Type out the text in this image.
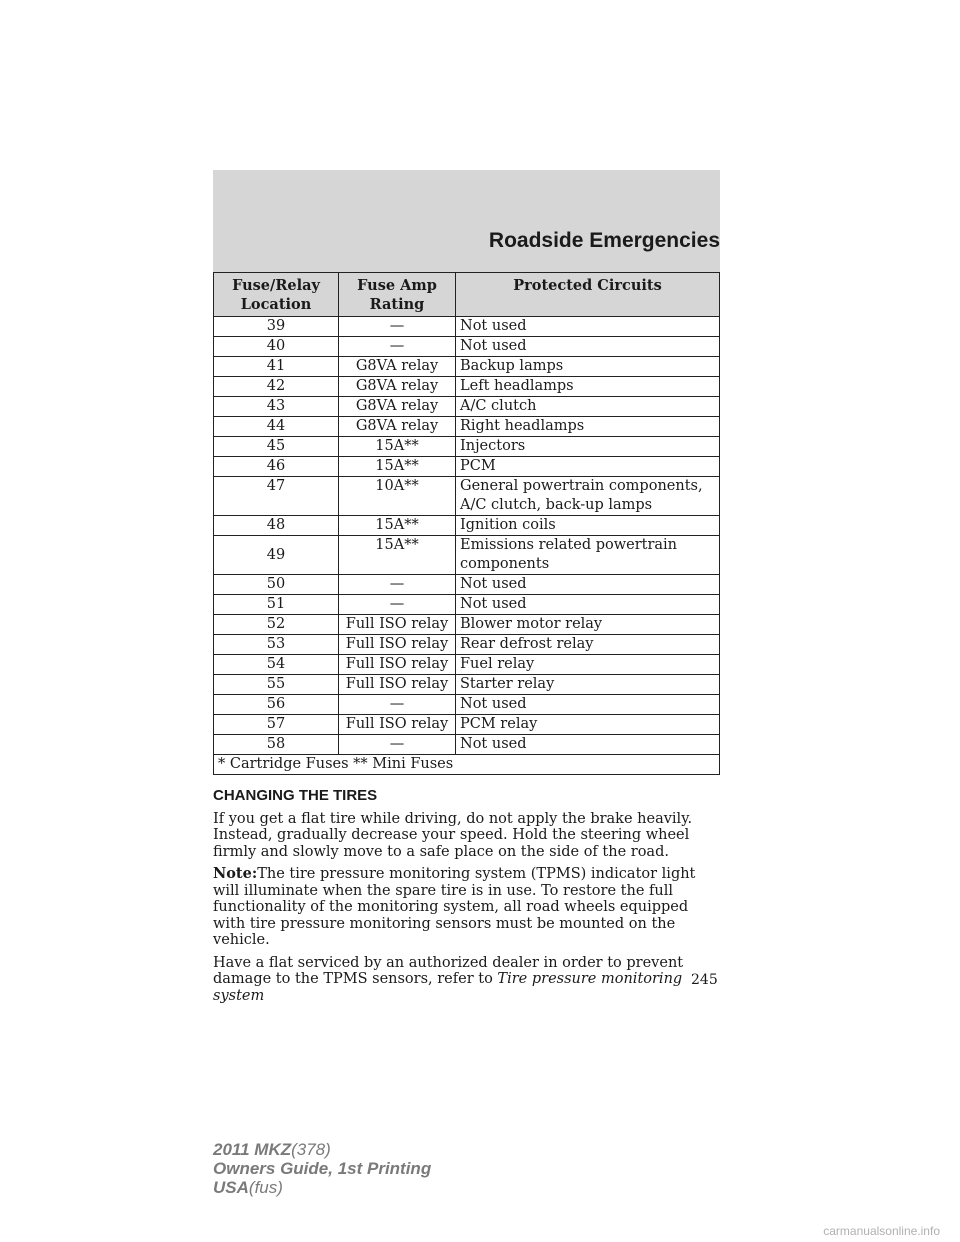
Roadside Emergencies
Fuse/Relay Location	Fuse Amp Rating	Protected Circuits
39	—	Not used

40	—	Not used

41	G8VA relay	Backup lamps

42	G8VA relay	Left headlamps

43	G8VA relay	A/C clutch

44	G8VA relay	Right headlamps

45	15A**	Injectors

46	15A**	PCM

47	10A**	General powertrain components,
A/C clutch, back-up lamps

48	15A**	Ignition coils

49	15A**	Emissions related powertrain
components

50	—	Not used

51	—	Not used

52	Full ISO relay	Blower motor relay

53	Full ISO relay	Rear defrost relay

54	Full ISO relay	Fuel relay

55	Full ISO relay	Starter relay

56	—	Not used

57	Full ISO relay	PCM relay

58	—	Not used

* Cartridge Fuses ** Mini Fuses		
CHANGING THE TIRES

If you get a flat tire while driving, do not apply the brake heavily. Instead, gradually decrease your speed. Hold the steering wheel firmly and slowly move to a safe place on the side of the road.

Note:The tire pressure monitoring system (TPMS) indicator light will illuminate when the spare tire is in use. To restore the full functionality of the monitoring system, all road wheels equipped with tire pressure monitoring sensors must be mounted on the vehicle.

Have a flat serviced by an authorized dealer in order to prevent damage to the TPMS sensors, refer to Tire pressure monitoring system

245
2011 MKZ(378)
Owners Guide, 1st Printing
USA(fus)
carmanualsonline.info
